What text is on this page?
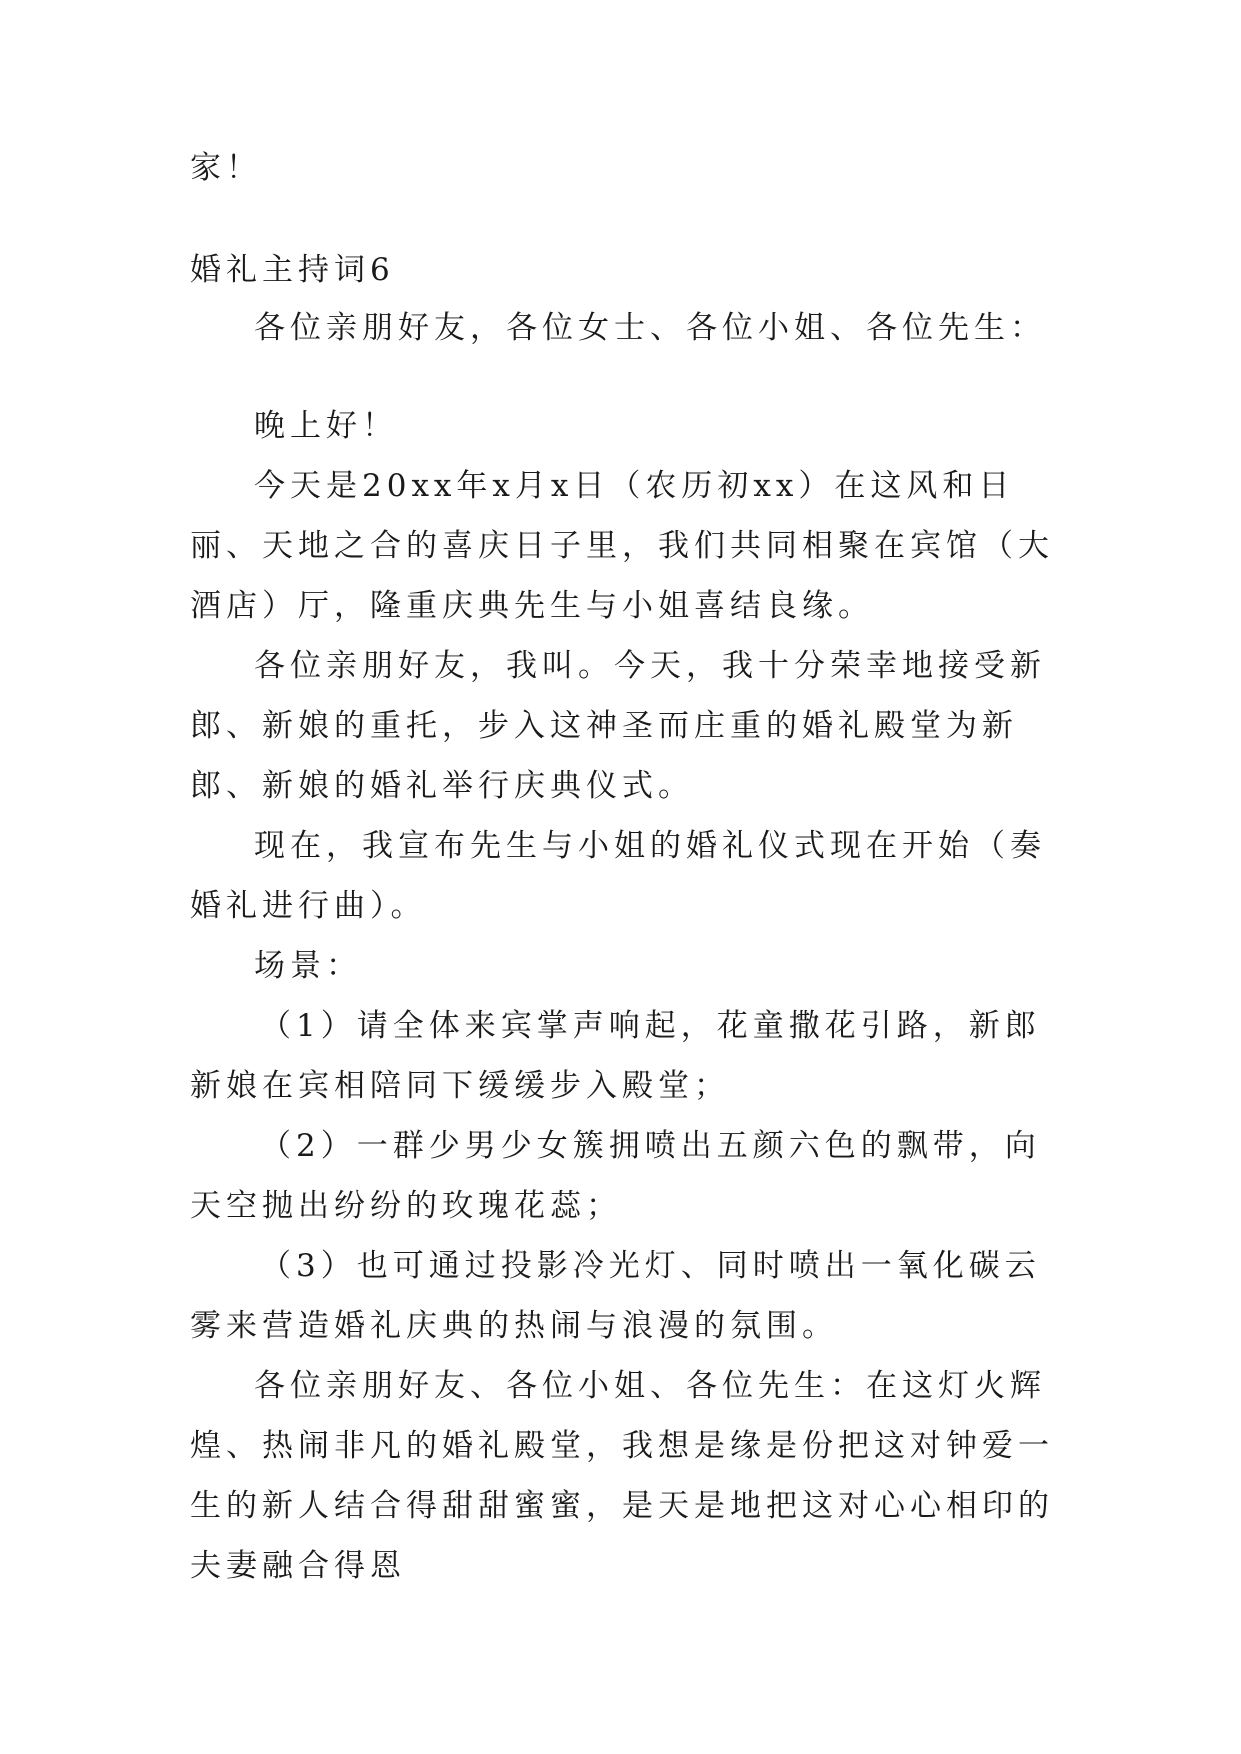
家！

婚礼主持词6

各位亲朋好友，各位女士、各位小姐、各位先生：

晚上好！

今天是20xx年x月x日（农历初xx）在这风和日丽、天地之合的喜庆日子里，我们共同相聚在宾馆（大酒店）厅，隆重庆典先生与小姐喜结良缘。

各位亲朋好友，我叫。今天，我十分荣幸地接受新郎、新娘的重托，步入这神圣而庄重的婚礼殿堂为新郎、新娘的婚礼举行庆典仪式。

现在，我宣布先生与小姐的婚礼仪式现在开始（奏婚礼进行曲）。

场景：

（1）请全体来宾掌声响起，花童撒花引路，新郎新娘在宾相陪同下缓缓步入殿堂；

（2）一群少男少女簇拥喷出五颜六色的飘带，向天空抛出纷纷的玫瑰花蕊；

（3）也可通过投影冷光灯、同时喷出一氧化碳云雾来营造婚礼庆典的热闹与浪漫的氛围。

各位亲朋好友、各位小姐、各位先生：在这灯火辉煌、热闹非凡的婚礼殿堂，我想是缘是份把这对钟爱一生的新人结合得甜甜蜜蜜，是天是地把这对心心相印的夫妻融合得恩
